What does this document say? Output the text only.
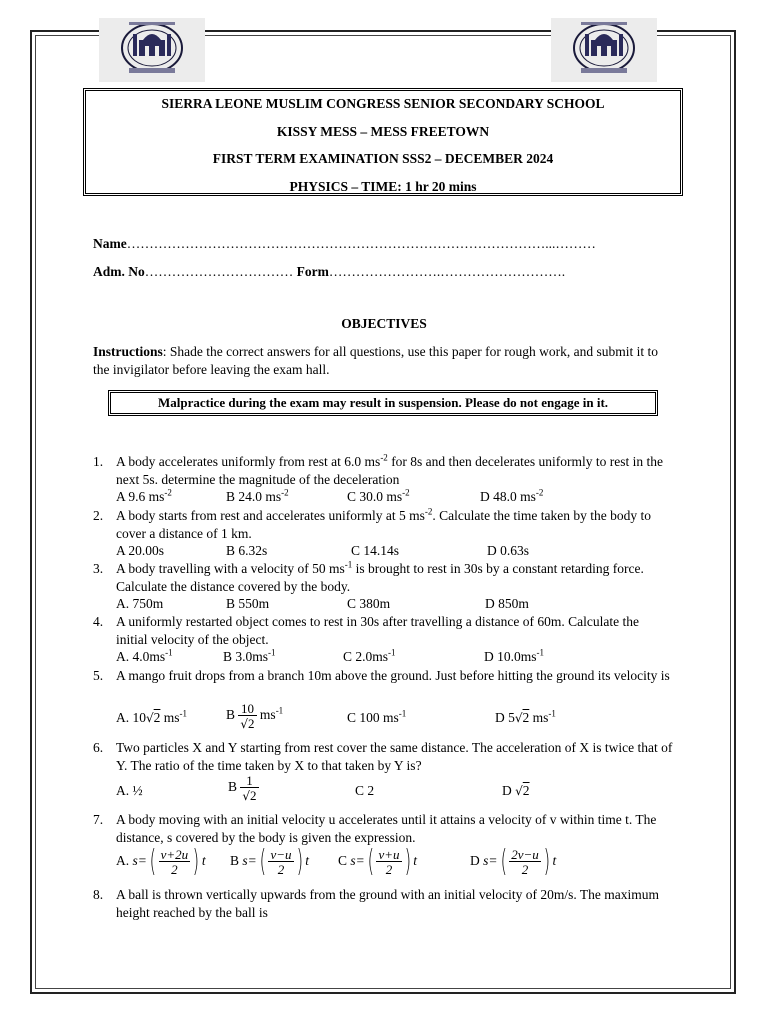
SIERRA LEONE MUSLIM CONGRESS SENIOR SECONDARY SCHOOL
KISSY MESS – MESS FREETOWN
FIRST TERM EXAMINATION SSS2 – DECEMBER 2024
PHYSICS – TIME: 1 hr 20 mins
Name…………………………………………………………………………………...………
Adm. No…………………………… Form…………………….……………………….
OBJECTIVES
Instructions: Shade the correct answers for all questions, use this paper for rough work, and submit it to the invigilator before leaving the exam hall.
Malpractice during the exam may result in suspension. Please do not engage in it.
1. A body accelerates uniformly from rest at 6.0 $ms^{-2}$ for 8s and then decelerates uniformly to rest in the next 5s. determine the magnitude of the deceleration
A 9.6 $ms^{-2}$	B 24.0 $ms^{-2}$	C 30.0 $ms^{-2}$	D 48.0 $ms^{-2}$
2. A body starts from rest and accelerates uniformly at 5 $ms^{-2}$. Calculate the time taken by the body to cover a distance of 1 km.
A 20.00s	B 6.32s	C 14.14s	D 0.63s
3. A body travelling with a velocity of 50 $ms^{-1}$ is brought to rest in 30s by a constant retarding force. Calculate the distance covered by the body.
A. 750m	B 550m	C 380m	D 850m
4. A uniformly restarted object comes to rest in 30s after travelling a distance of 60m. Calculate the initial velocity of the object.
A. $4.0ms^{-1}$	B $3.0ms^{-1}$	C $2.0ms^{-1}$	D $10.0ms^{-1}$
5. A mango fruit drops from a branch 10m above the ground. Just before hitting the ground its velocity is
A. 10√2 $ms^{-1}$	B $\frac{10}{√2} ms^{-1}$	C 100 $ms^{-1}$	D 5√2 $ms^{-1}$
6. Two particles X and Y starting from rest cover the same distance. The acceleration of X is twice that of Y. The ratio of the time taken by X to that taken by Y is?
A. ½	B $\frac{1}{√2}$	C 2	D √2
7. A body moving with an initial velocity u accelerates until it attains a velocity of v within time t. The distance, s covered by the body is given the expression.
A. $s=( \frac{v+2u}{2}$ ) t B $s=( \frac{v-u}{2}$ ) t C $s=( \frac{v+u}{2}$ ) t	D $s=( \frac{2v-u}{2}$ ) t
8. A ball is thrown vertically upwards from the ground with an initial velocity of 20m/s. The maximum height reached by the ball is
